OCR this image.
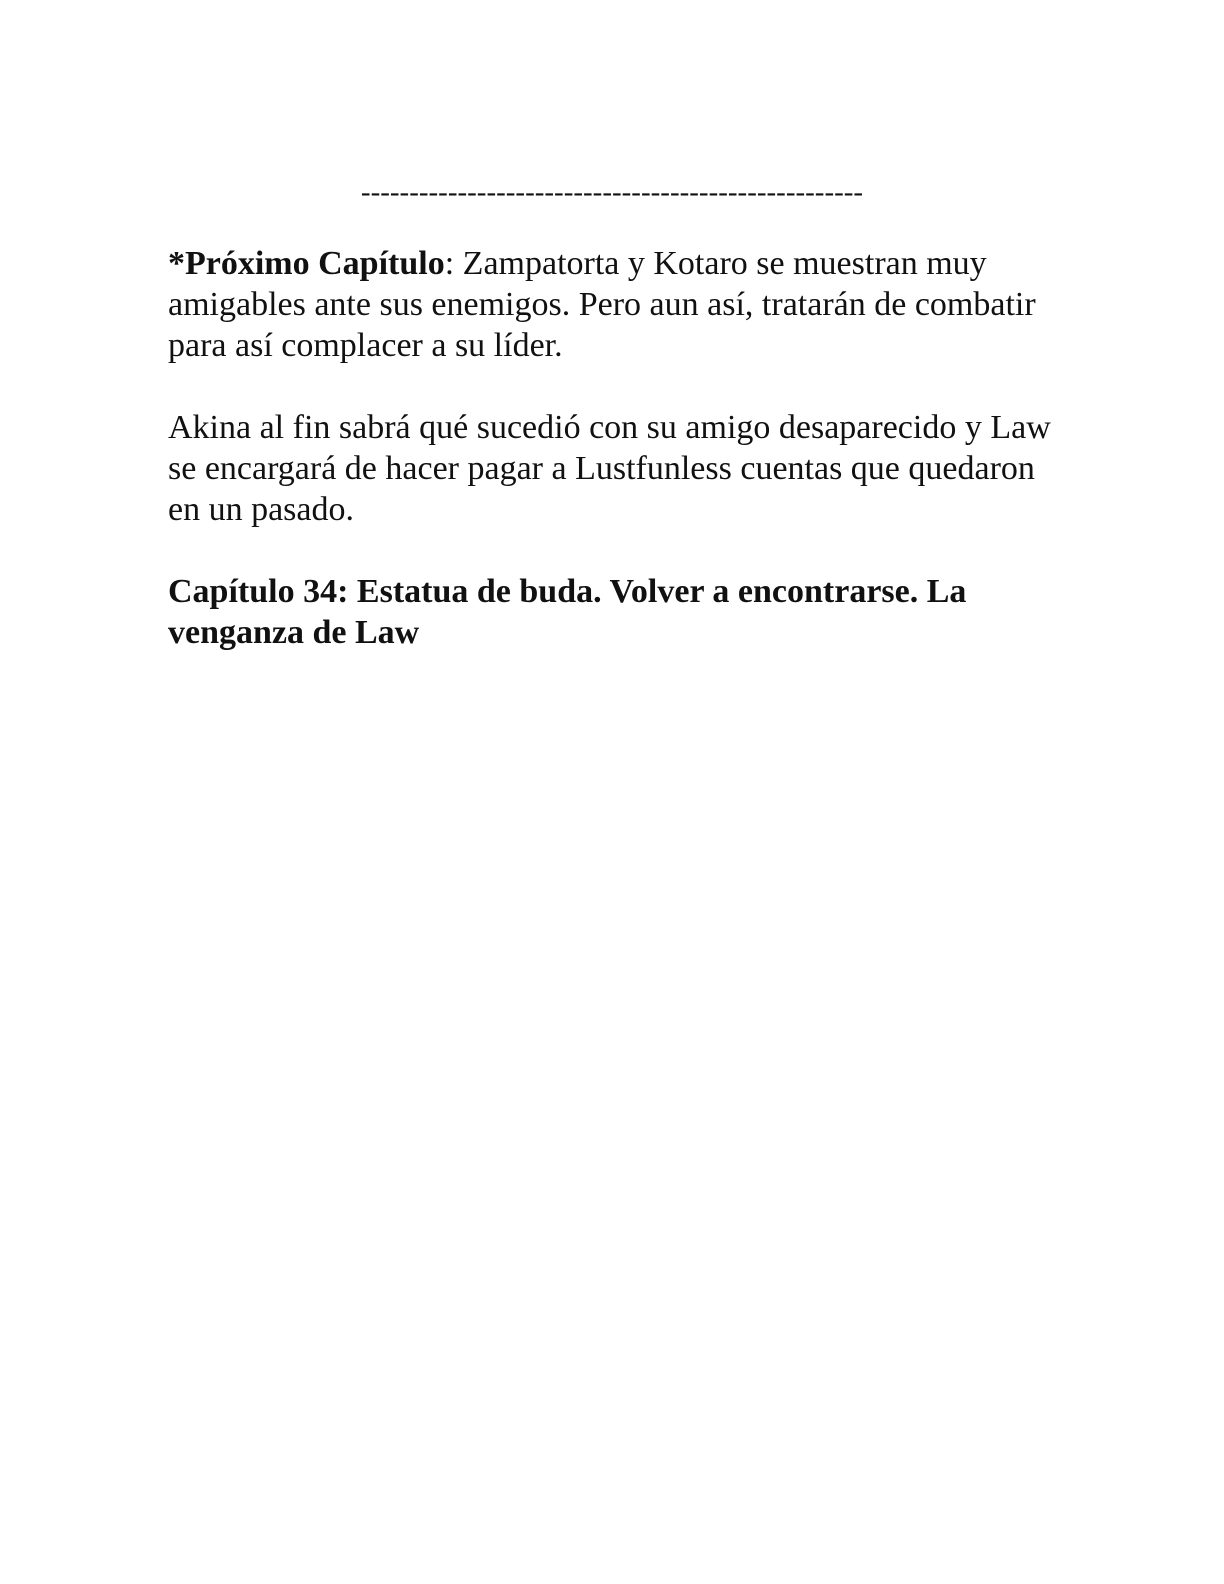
----------------------------------------------------

*Próximo Capítulo: Zampatorta y Kotaro se muestran muy amigables ante sus enemigos. Pero aun así, tratarán de combatir para así complacer a su líder.

Akina al fin sabrá qué sucedió con su amigo desaparecido y Law se encargará de hacer pagar a Lustfunless cuentas que quedaron en un pasado.

Capítulo 34: Estatua de buda. Volver a encontrarse. La venganza de Law
